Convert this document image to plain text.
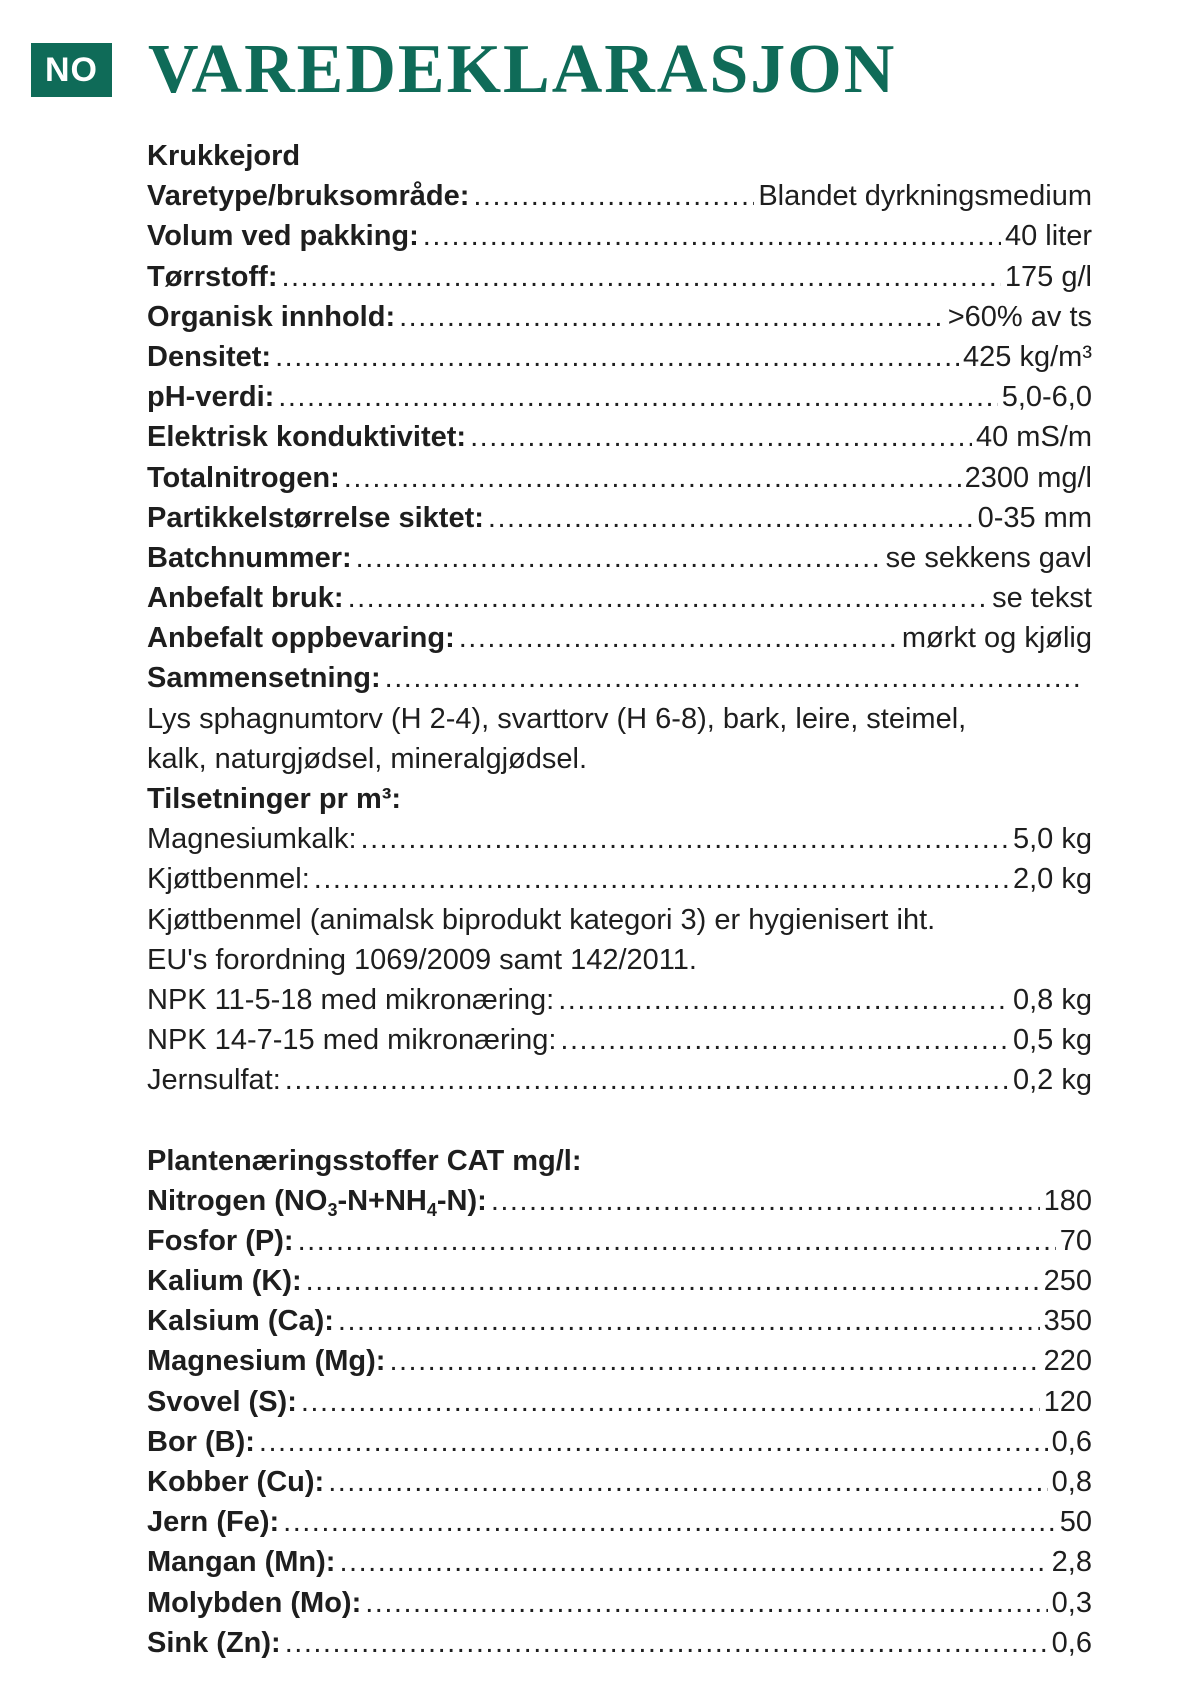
NO VAREDEKLARASJON
Krukkejord
Varetype/bruksområde: .....	Blandet dyrkningsmedium
Volum ved pakking: .....	40 liter
Tørrstoff: .....	175 g/l
Organisk innhold: .....	>60% av ts
Densitet: .....	425 kg/m³
pH-verdi: .....	5,0-6,0
Elektrisk konduktivitet: .....	40 mS/m
Totalnitrogen: .....	2300 mg/l
Partikkelstørrelse siktet: .....	0-35 mm
Batchnummer: .....	se sekkens gavl
Anbefalt bruk: .....	se tekst
Anbefalt oppbevaring: .....	mørkt og kjølig
Sammensetning:
.....
Lys sphagnumtorv (H 2-4), svarttorv (H 6-8), bark, leire, steimel,
kalk, naturgjødsel, mineralgjødsel.
Tilsetninger pr m³:
Magnesiumkalk: .....	5,0 kg
Kjøttbenmel: .....	2,0 kg
Kjøttbenmel (animalsk biprodukt kategori 3) er hygienisert iht.
EU's forordning 1069/2009 samt 142/2011.
NPK 11-5-18 med mikronæring: .....	0,8 kg
NPK 14-7-15 med mikronæring: .....	0,5 kg
Jernsulfat: .....	0,2 kg
Plantenæringsstoffer CAT mg/l:
Nitrogen $(NO_3-N+NH_4-N)$: .....	180
Fosfor (P): .....	70
Kalium (K): .....	250
Kalsium (Ca): .....	350
Magnesium (Mg): .....	220
Svovel (S): .....	120
Bor (B): .....	0,6
Kobber (Cu): .....	0,8
Jern (Fe): .....	50
Mangan (Mn): .....	2,8
Molybden (Mo): .....	0,3
Sink (Zn): .....	0,6
